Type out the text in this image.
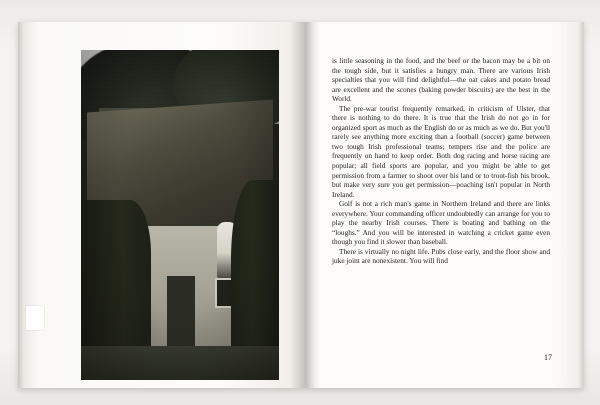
is little seasoning in the food, and the beef or the bacon may be a bit on the tough side, but it satisfies a hungry man. There are various Irish specialties that you will find delightful—the oat cakes and potato bread are excellent and the scones (baking powder biscuits) are the best in the World.

The pre-war tourist frequently remarked, in criticism of Ulster, that there is nothing to do there. It is true that the Irish do not go in for organized sport as much as the English do or as much as we do. But you'll rarely see anything more exciting than a football (soccer) game between two tough Irish professional teams; tempers rise and the police are frequently on hand to keep order. Both dog racing and horse racing are popular; all field sports are popular, and you might be able to get permission from a farmer to shoot over his land or to trout-fish his brook, but make very sure you get permission—poaching isn't popular in North Ireland.

Golf is not a rich man's game in Northern Ireland and there are links everywhere. Your commanding officer undoubtedly can arrange for you to play the nearby Irish courses. There is boating and bathing on the “loughs.” And you will be interested in watching a cricket game even though you find it slower than baseball.

There is virtually no night life. Pubs close early, and the floor show and juke joint are nonexistent. You will find

17
